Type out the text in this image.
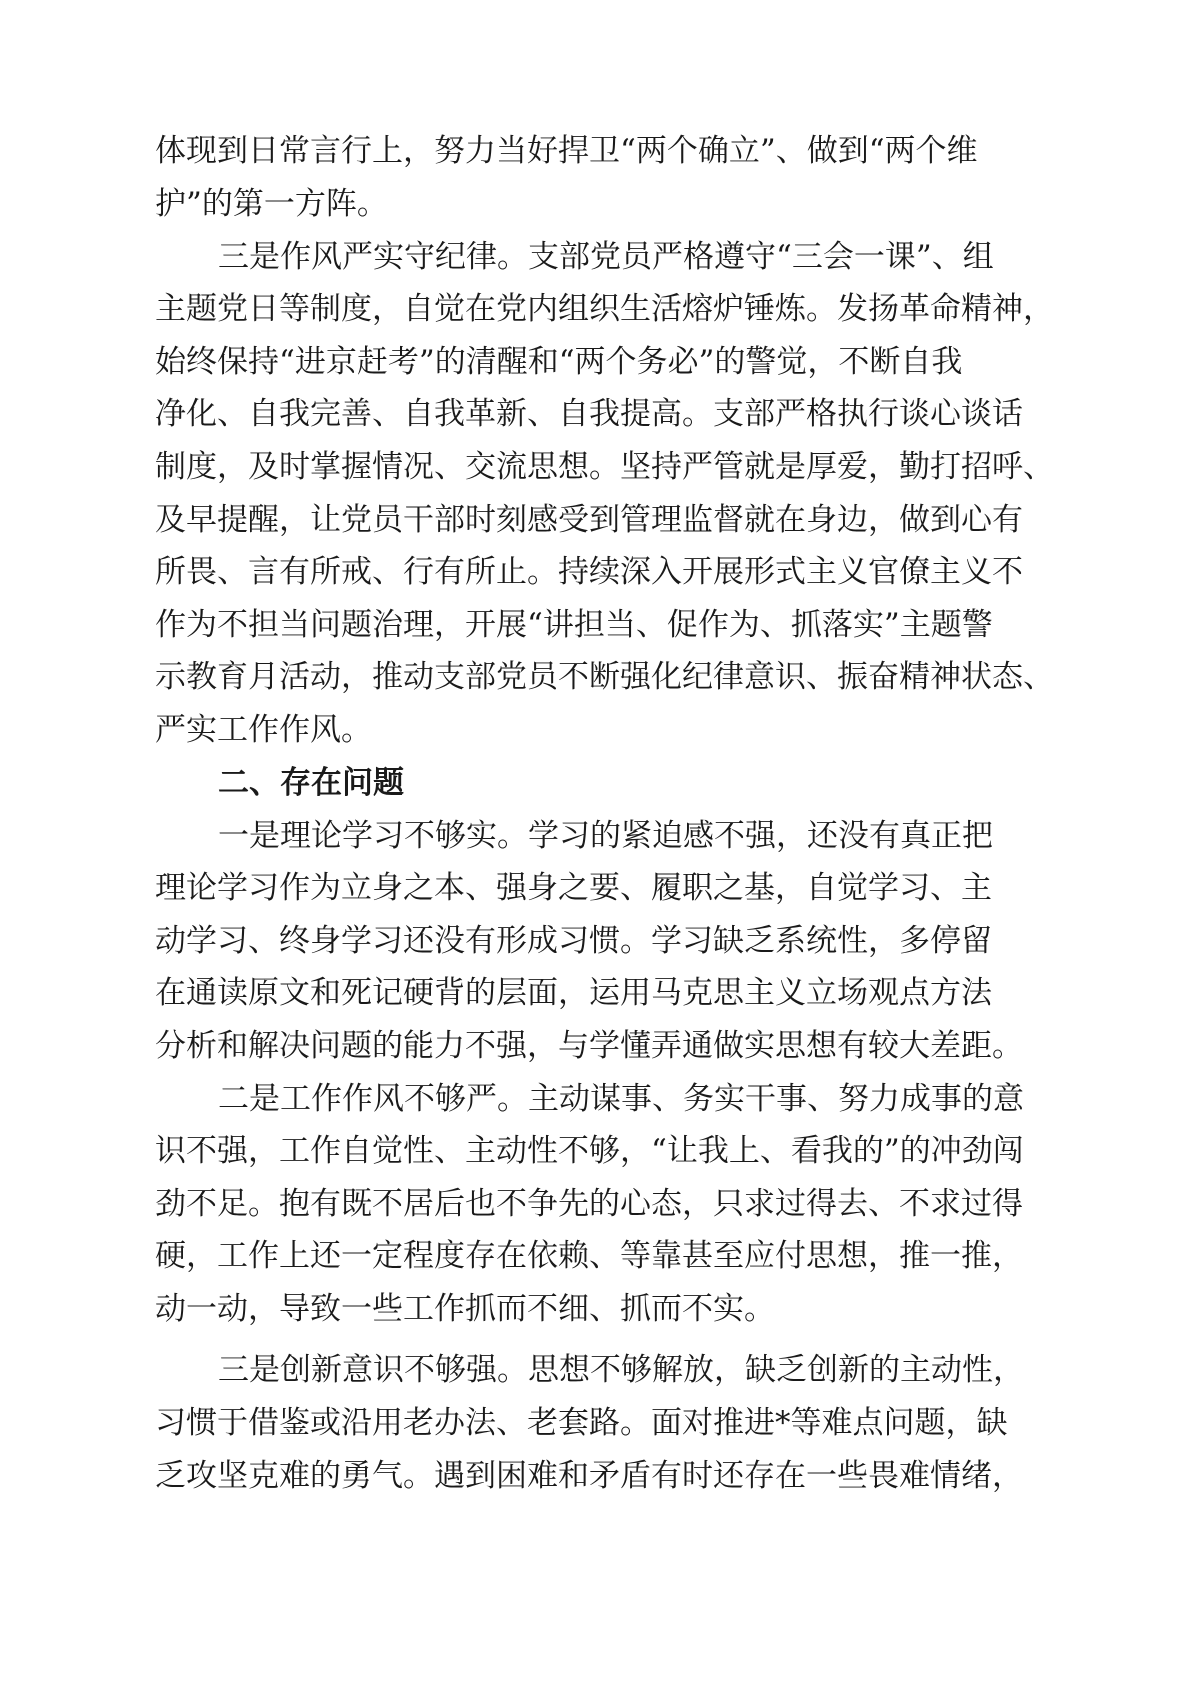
体现到日常言行上，努力当好捍卫“两个确立”、做到“两个维

护”的第一方阵。

三是作风严实守纪律。支部党员严格遵守“三会一课”、组

主题党日等制度，自觉在党内组织生活熔炉锤炼。发扬革命精神，

始终保持“进京赶考”的清醒和“两个务必”的警觉，不断自我

净化、自我完善、自我革新、自我提高。支部严格执行谈心谈话

制度，及时掌握情况、交流思想。坚持严管就是厚爱，勤打招呼、

及早提醒，让党员干部时刻感受到管理监督就在身边，做到心有

所畏、言有所戒、行有所止。持续深入开展形式主义官僚主义不

作为不担当问题治理，开展“讲担当、促作为、抓落实”主题警

示教育月活动，推动支部党员不断强化纪律意识、振奋精神状态、

严实工作作风。

二、存在问题

一是理论学习不够实。学习的紧迫感不强，还没有真正把

理论学习作为立身之本、强身之要、履职之基，自觉学习、主

动学习、终身学习还没有形成习惯。学习缺乏系统性，多停留

在通读原文和死记硬背的层面，运用马克思主义立场观点方法

分析和解决问题的能力不强，与学懂弄通做实思想有较大差距。

二是工作作风不够严。主动谋事、务实干事、努力成事的意

识不强，工作自觉性、主动性不够，“让我上、看我的”的冲劲闯

劲不足。抱有既不居后也不争先的心态，只求过得去、不求过得

硬，工作上还一定程度存在依赖、等靠甚至应付思想，推一推，

动一动，导致一些工作抓而不细、抓而不实。

三是创新意识不够强。思想不够解放，缺乏创新的主动性，

习惯于借鉴或沿用老办法、老套路。面对推进*等难点问题，缺

乏攻坚克难的勇气。遇到困难和矛盾有时还存在一些畏难情绪，
